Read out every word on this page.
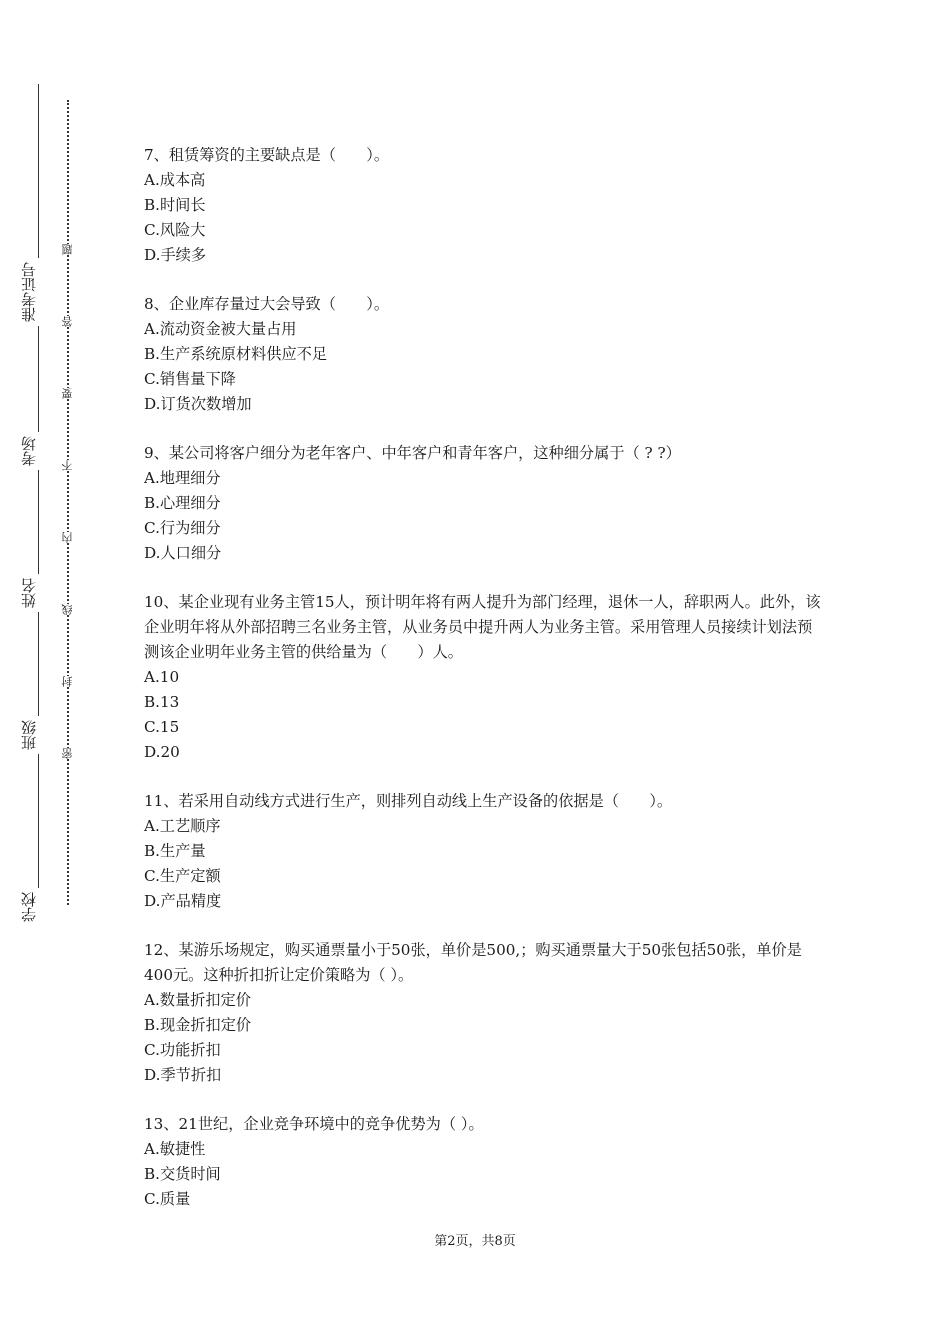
准考证号
考场
姓名
班级
学校
题
答
要
不
内
线
封
密

7、租赁筹资的主要缺点是（　　）。

A.成本高

B.时间长

C.风险大

D.手续多

8、企业库存量过大会导致（　　）。

A.流动资金被大量占用

B.生产系统原材料供应不足

C.销售量下降

D.订货次数增加

9、某公司将客户细分为老年客户、中年客户和青年客户，这种细分属于（ ? ?）

A.地理细分

B.心理细分

C.行为细分

D.人口细分

10、某企业现有业务主管15人，预计明年将有两人提升为部门经理，退休一人，辞职两人。此外，该企业明年将从外部招聘三名业务主管，从业务员中提升两人为业务主管。采用管理人员接续计划法预测该企业明年业务主管的供给量为（　　）人。

A.10

B.13

C.15

D.20

11、若采用自动线方式进行生产，则排列自动线上生产设备的依据是（　　）。

A.工艺顺序

B.生产量

C.生产定额

D.产品精度

12、某游乐场规定，购买通票量小于50张，单价是500,；购买通票量大于50张包括50张，单价是400元。这种折扣折让定价策略为（ ）。

A.数量折扣定价

B.现金折扣定价

C.功能折扣

D.季节折扣

13、21世纪，企业竞争环境中的竞争优势为（ ）。

A.敏捷性

B.交货时间

C.质量

第2页，共8页
